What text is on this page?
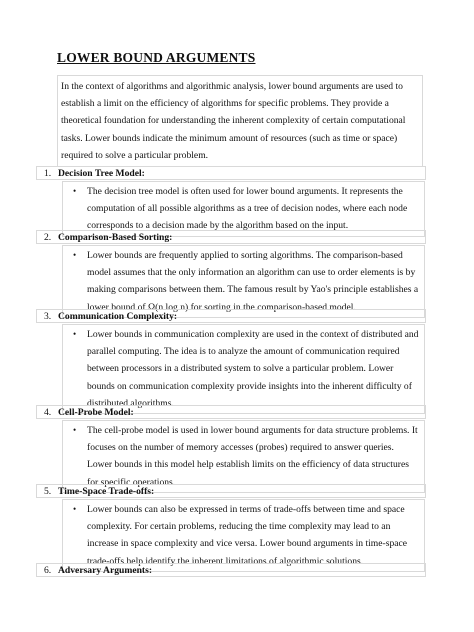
LOWER BOUND ARGUMENTS

In the context of algorithms and algorithmic analysis, lower bound arguments are used to establish a limit on the efficiency of algorithms for specific problems. They provide a theoretical foundation for understanding the inherent complexity of certain computational tasks. Lower bounds indicate the minimum amount of resources (such as time or space) required to solve a particular problem.

1. Decision Tree Model:
• The decision tree model is often used for lower bound arguments. It represents the computation of all possible algorithms as a tree of decision nodes, where each node corresponds to a decision made by the algorithm based on the input.
2. Comparison-Based Sorting:
• Lower bounds are frequently applied to sorting algorithms. The comparison-based model assumes that the only information an algorithm can use to order elements is by making comparisons between them. The famous result by Yao's principle establishes a lower bound of Ω(n log n) for sorting in the comparison-based model.
3. Communication Complexity:
• Lower bounds in communication complexity are used in the context of distributed and parallel computing. The idea is to analyze the amount of communication required between processors in a distributed system to solve a particular problem. Lower bounds on communication complexity provide insights into the inherent difficulty of distributed algorithms.
4. Cell-Probe Model:
• The cell-probe model is used in lower bound arguments for data structure problems. It focuses on the number of memory accesses (probes) required to answer queries. Lower bounds in this model help establish limits on the efficiency of data structures for specific operations.
5. Time-Space Trade-offs:
• Lower bounds can also be expressed in terms of trade-offs between time and space complexity. For certain problems, reducing the time complexity may lead to an increase in space complexity and vice versa. Lower bound arguments in time-space trade-offs help identify the inherent limitations of algorithmic solutions.
6. Adversary Arguments:
